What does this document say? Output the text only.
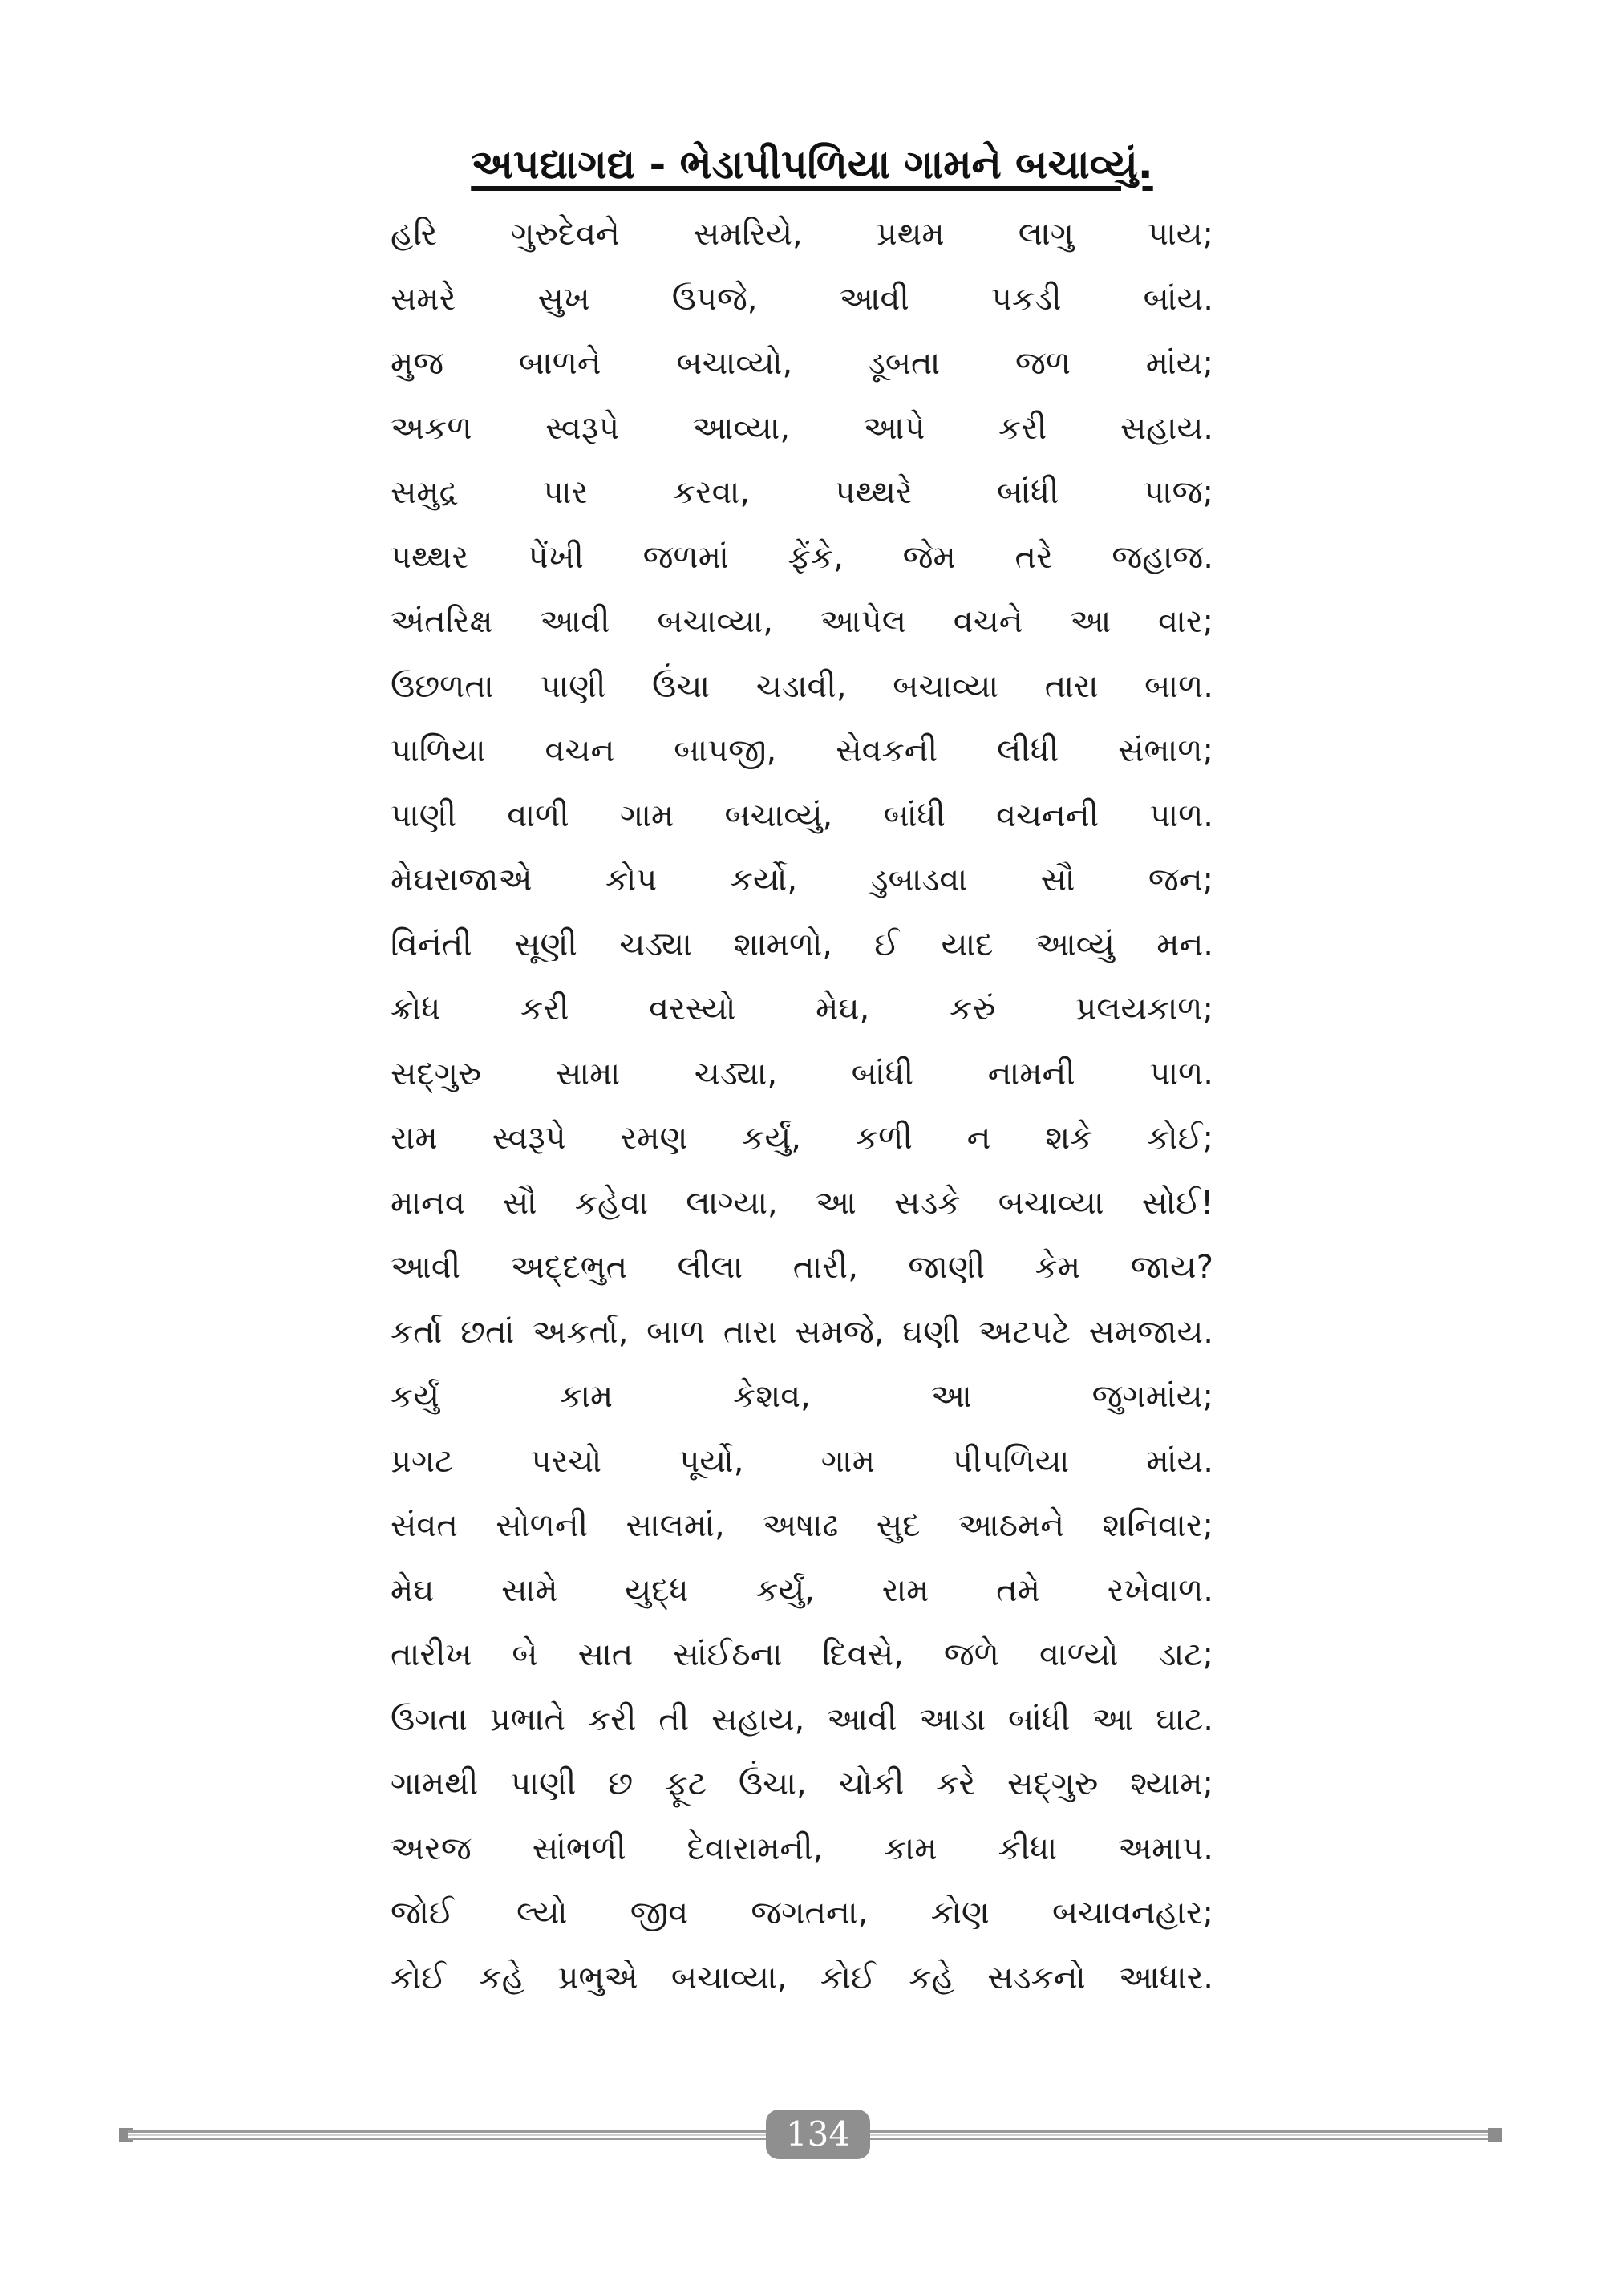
અપદ્યાગદ્ય - ભેડાપીપળિયા ગામને બચાવ્યું.
હરિ ગુરુદેવને સમરિયે, પ્રથમ લાગુ પાય;
સમરે સુખ ઉપજે, આવી પકડી બાંય.
મુજ બાળને બચાવ્યો, ડૂબતા જળ માંય;
અકળ સ્વરૂપે આવ્યા, આપે કરી સહાય.
સમુદ્ર પાર કરવા, પથ્થરે બાંધી પાજ;
પથ્થર પેંખી જળમાં ફેંકે, જેમ તરે જહાજ.
અંતરિક્ષ આવી બચાવ્યા, આપેલ વચને આ વાર;
ઉછળતા પાણી ઉંચા ચડાવી, બચાવ્યા તારા બાળ.
પાળિયા વચન બાપજી, સેવકની લીધી સંભાળ;
પાણી વાળી ગામ બચાવ્યું, બાંધી વચનની પાળ.
મેઘરાજાએ કોપ કર્યો, ડુબાડવા સૌ જન;
વિનંતી સૂણી ચડ્યા શામળો, ઈ યાદ આવ્યું મન.
ક્રોધ કરી વરસ્યો મેઘ, કરું પ્રલયકાળ;
સદ્ગુરુ સામા ચડ્યા, બાંધી નામની પાળ.
રામ સ્વરૂપે રમણ કર્યું, કળી ન શકે કોઈ;
માનવ સૌ કહેવા લાગ્યા, આ સડકે બચાવ્યા સોઈ!
આવી અદ્દભુત લીલા તારી, જાણી કેમ જાય?
કર્તા છતાં અકર્તા, બાળ તારા સમજે, ઘણી અટપટે સમજાય.
કર્યું કામ કેશવ, આ જુગમાંય;
પ્રગટ પરચો પૂર્યો, ગામ પીપળિયા માંય.
સંવત સોળની સાલમાં, અષાઢ સુદ આઠમને શનિવાર;
મેઘ સામે યુદ્ધ કર્યું, રામ તમે રખેવાળ.
તારીખ બે સાત સાંઈઠના દિવસે, જળે વાળ્યો ડાટ;
ઉગતા પ્રભાતે કરી તી સહાય, આવી આડા બાંધી આ ઘાટ.
ગામથી પાણી છ ફૂટ ઉંચા, ચોકી કરે સદ્ગુરુ શ્યામ;
અરજ સાંભળી દેવારામની, કામ કીધા અમાપ.
જોઈ લ્યો જીવ જગતના, કોણ બચાવનહાર;
કોઈ કહે પ્રભુએ બચાવ્યા, કોઈ કહે સડકનો આધાર.
134
